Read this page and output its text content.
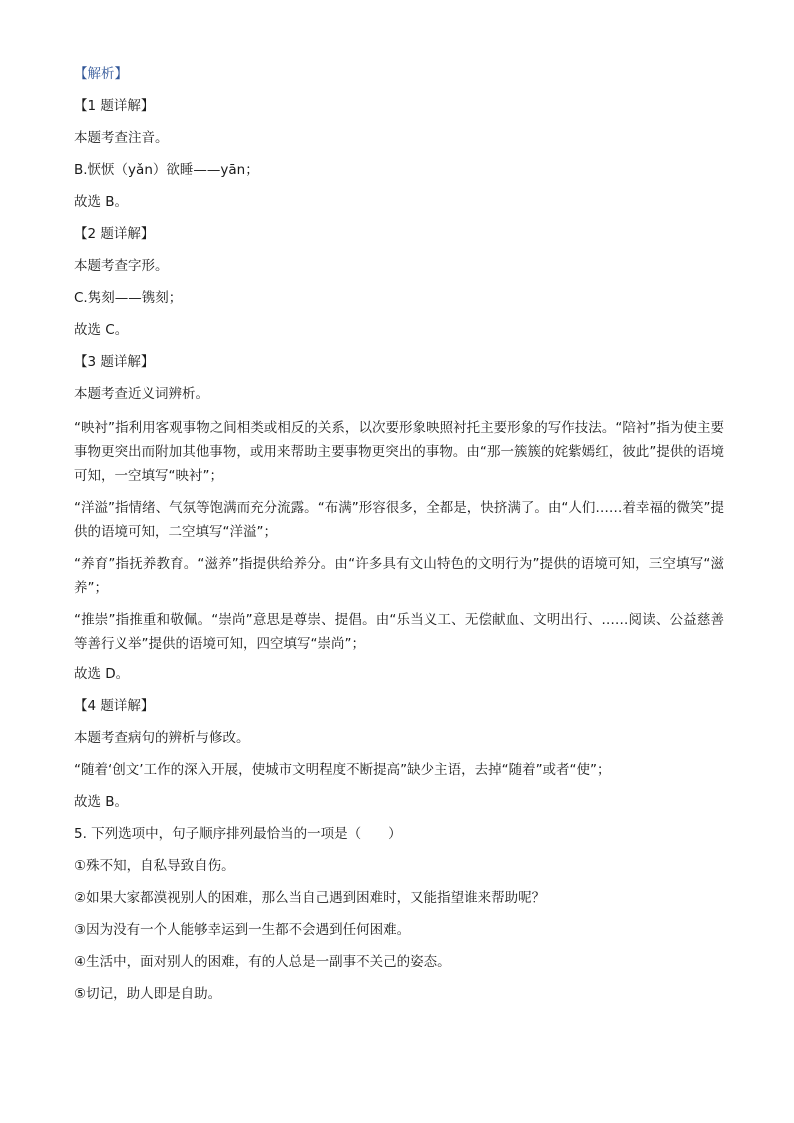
【解析】

【1 题详解】

本题考查注音。

B.恹恹（yǎn）欲睡——yān；

故选 B。

【2 题详解】

本题考查字形。

C.隽刻——镌刻；

故选 C。

【3 题详解】

本题考查近义词辨析。

“映衬”指利用客观事物之间相类或相反的关系，以次要形象映照衬托主要形象的写作技法。“陪衬”指为使主要事物更突出而附加其他事物，或用来帮助主要事物更突出的事物。由“那一簇簇的姹紫嫣红，彼此”提供的语境可知，一空填写“映衬”；

“洋溢”指情绪、气氛等饱满而充分流露。“布满”形容很多，全都是，快挤满了。由“人们……着幸福的微笑”提供的语境可知，二空填写“洋溢”；

“养育”指抚养教育。“滋养”指提供给养分。由“许多具有文山特色的文明行为”提供的语境可知，三空填写“滋养”；

“推崇”指推重和敬佩。“崇尚”意思是尊崇、提倡。由“乐当义工、无偿献血、文明出行、……阅读、公益慈善等善行义举”提供的语境可知，四空填写“崇尚”；

故选 D。

【4 题详解】

本题考查病句的辨析与修改。

“随着‘创文’工作的深入开展，使城市文明程度不断提高”缺少主语，去掉“随着”或者“使”；

故选 B。

5. 下列选项中，句子顺序排列最恰当的一项是（　　）

①殊不知，自私导致自伤。

②如果大家都漠视别人的困难，那么当自己遇到困难时，又能指望谁来帮助呢？

③因为没有一个人能够幸运到一生都不会遇到任何困难。

④生活中，面对别人的困难，有的人总是一副事不关己的姿态。

⑤切记，助人即是自助。
